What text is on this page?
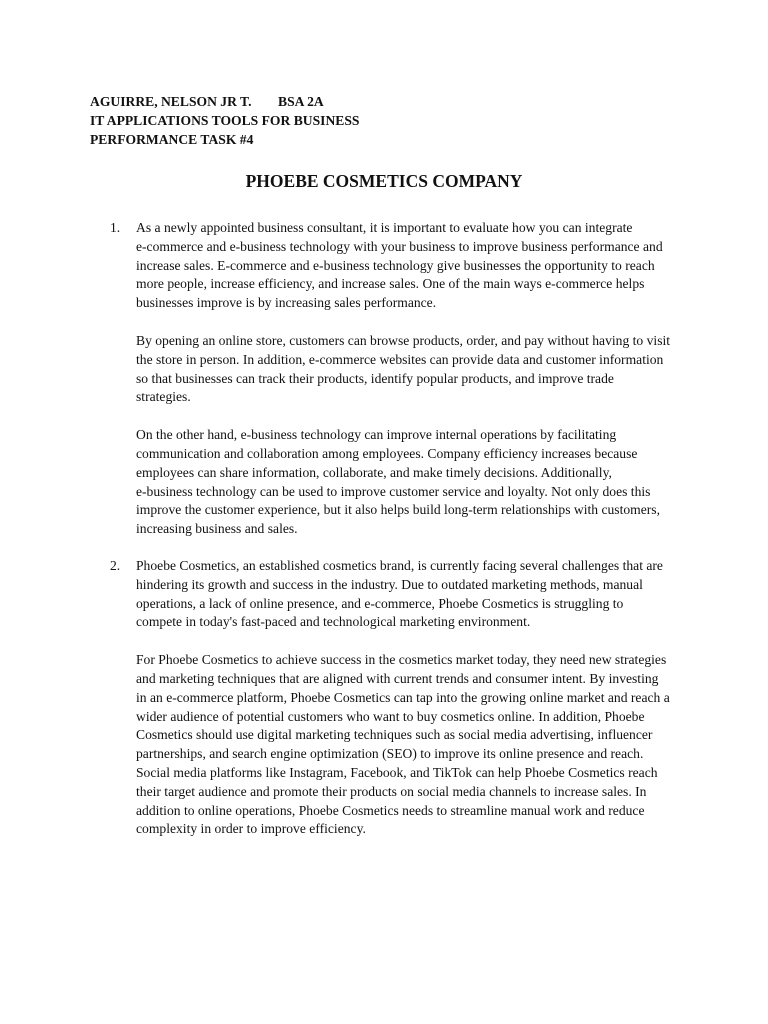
AGUIRRE, NELSON JR T. BSA 2A
IT APPLICATIONS TOOLS FOR BUSINESS
PERFORMANCE TASK #4
PHOEBE COSMETICS COMPANY
1. As a newly appointed business consultant, it is important to evaluate how you can integrate
e-commerce and e-business technology with your business to improve business performance and
increase sales. E-commerce and e-business technology give businesses the opportunity to reach
more people, increase efficiency, and increase sales. One of the main ways e-commerce helps
businesses improve is by increasing sales performance.

By opening an online store, customers can browse products, order, and pay without having to visit
the store in person. In addition, e-commerce websites can provide data and customer information
so that businesses can track their products, identify popular products, and improve trade
strategies.

On the other hand, e-business technology can improve internal operations by facilitating
communication and collaboration among employees. Company efficiency increases because
employees can share information, collaborate, and make timely decisions. Additionally,
e-business technology can be used to improve customer service and loyalty. Not only does this
improve the customer experience, but it also helps build long-term relationships with customers,
increasing business and sales.

2. Phoebe Cosmetics, an established cosmetics brand, is currently facing several challenges that are
hindering its growth and success in the industry. Due to outdated marketing methods, manual
operations, a lack of online presence, and e-commerce, Phoebe Cosmetics is struggling to
compete in today's fast-paced and technological marketing environment.

For Phoebe Cosmetics to achieve success in the cosmetics market today, they need new strategies
and marketing techniques that are aligned with current trends and consumer intent. By investing
in an e-commerce platform, Phoebe Cosmetics can tap into the growing online market and reach a
wider audience of potential customers who want to buy cosmetics online. In addition, Phoebe
Cosmetics should use digital marketing techniques such as social media advertising, influencer
partnerships, and search engine optimization (SEO) to improve its online presence and reach.
Social media platforms like Instagram, Facebook, and TikTok can help Phoebe Cosmetics reach
their target audience and promote their products on social media channels to increase sales. In
addition to online operations, Phoebe Cosmetics needs to streamline manual work and reduce
complexity in order to improve efficiency.
